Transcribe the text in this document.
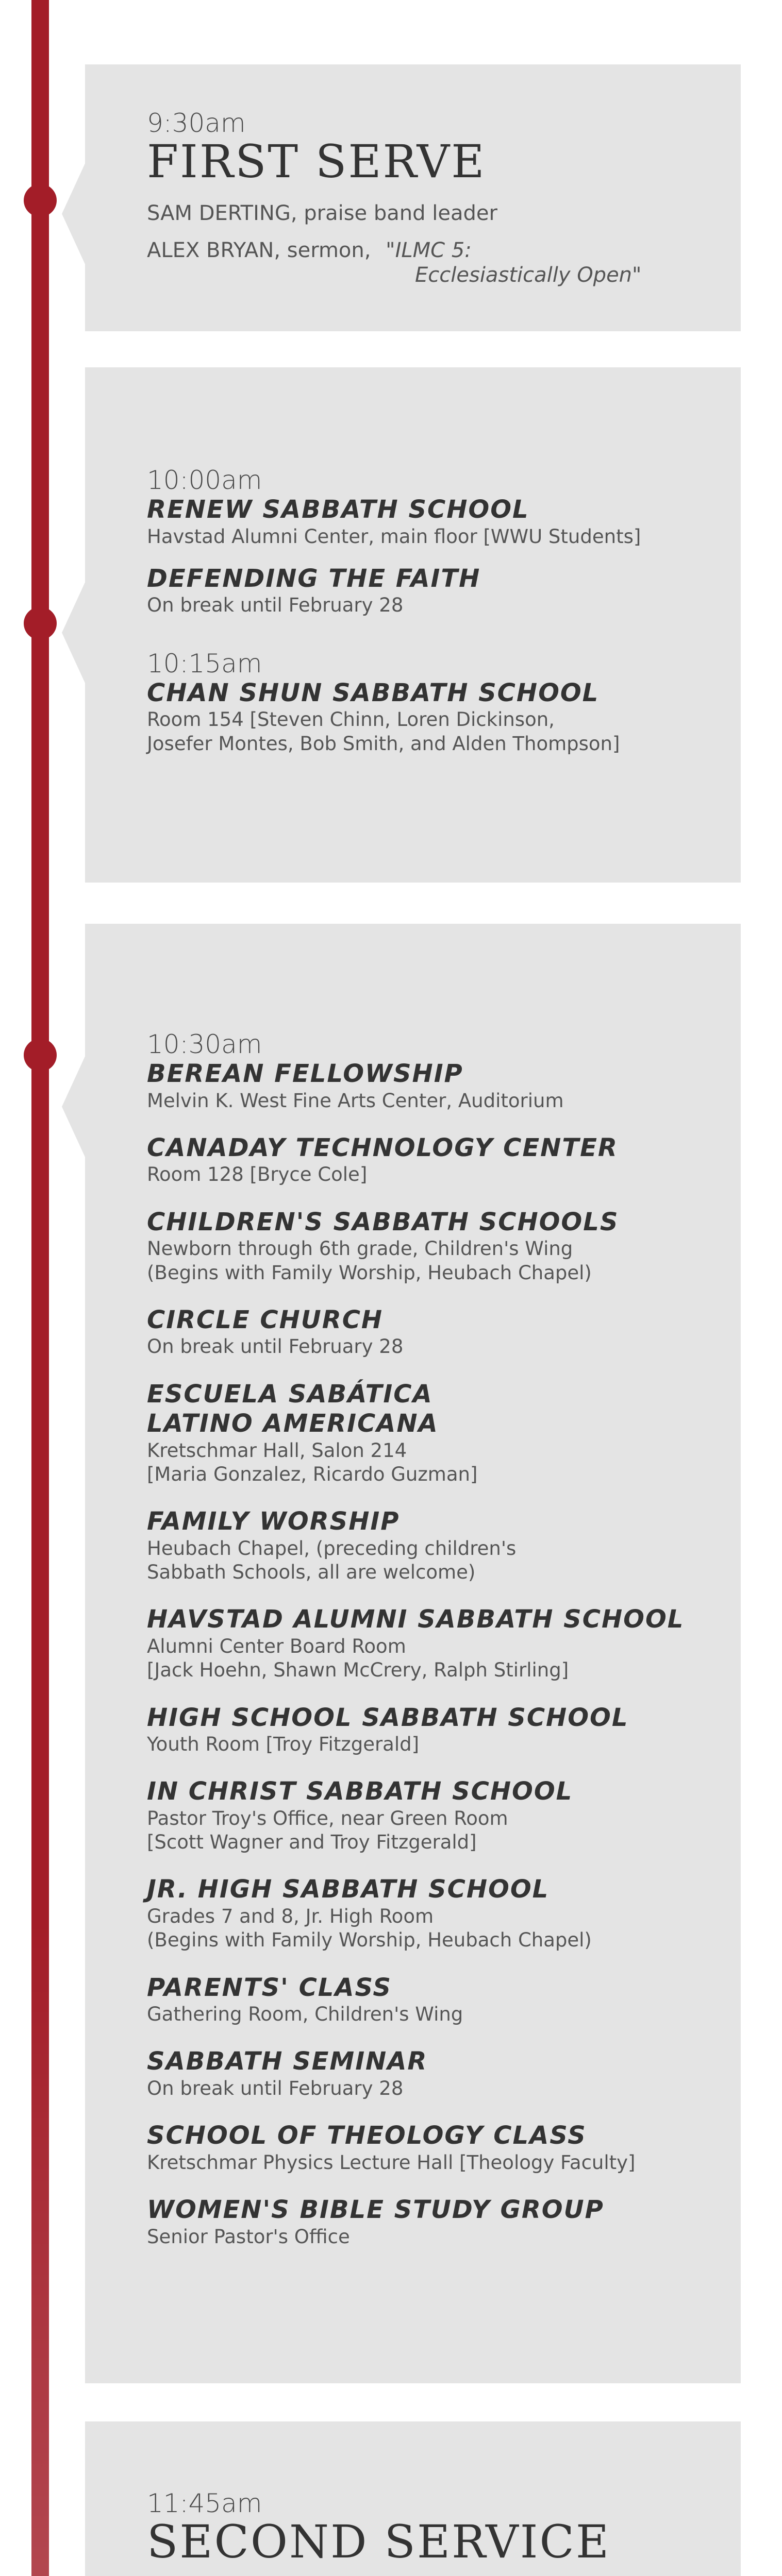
9:30am
FIRST SERVE
SAM DERTING, praise band leader
ALEX BRYAN, sermon, "ILMC 5:
Ecclesiastically Open"
10:00am
RENEW SABBATH SCHOOL
Havstad Alumni Center, main floor [WWU Students]
DEFENDING THE FAITH
On break until February 28
10:15am
CHAN SHUN SABBATH SCHOOL
Room 154 [Steven Chinn, Loren Dickinson,
Josefer Montes, Bob Smith, and Alden Thompson]
10:30am
BEREAN FELLOWSHIP
Melvin K. West Fine Arts Center, Auditorium
CANADAY TECHNOLOGY CENTER
Room 128 [Bryce Cole]
CHILDREN'S SABBATH SCHOOLS
Newborn through 6th grade, Children's Wing
(Begins with Family Worship, Heubach Chapel)
CIRCLE CHURCH
On break until February 28
ESCUELA SABÁTICA
LATINO AMERICANA
Kretschmar Hall, Salon 214
[Maria Gonzalez, Ricardo Guzman]
FAMILY WORSHIP
Heubach Chapel, (preceding children's
Sabbath Schools, all are welcome)
HAVSTAD ALUMNI SABBATH SCHOOL
Alumni Center Board Room
[Jack Hoehn, Shawn McCrery, Ralph Stirling]
HIGH SCHOOL SABBATH SCHOOL
Youth Room [Troy Fitzgerald]
IN CHRIST SABBATH SCHOOL
Pastor Troy's Office, near Green Room
[Scott Wagner and Troy Fitzgerald]
JR. HIGH SABBATH SCHOOL
Grades 7 and 8, Jr. High Room
(Begins with Family Worship, Heubach Chapel)
PARENTS' CLASS
Gathering Room, Children's Wing
SABBATH SEMINAR
On break until February 28
SCHOOL OF THEOLOGY CLASS
Kretschmar Physics Lecture Hall [Theology Faculty]
WOMEN'S BIBLE STUDY GROUP
Senior Pastor's Office
11:45am
SECOND SERVICE
